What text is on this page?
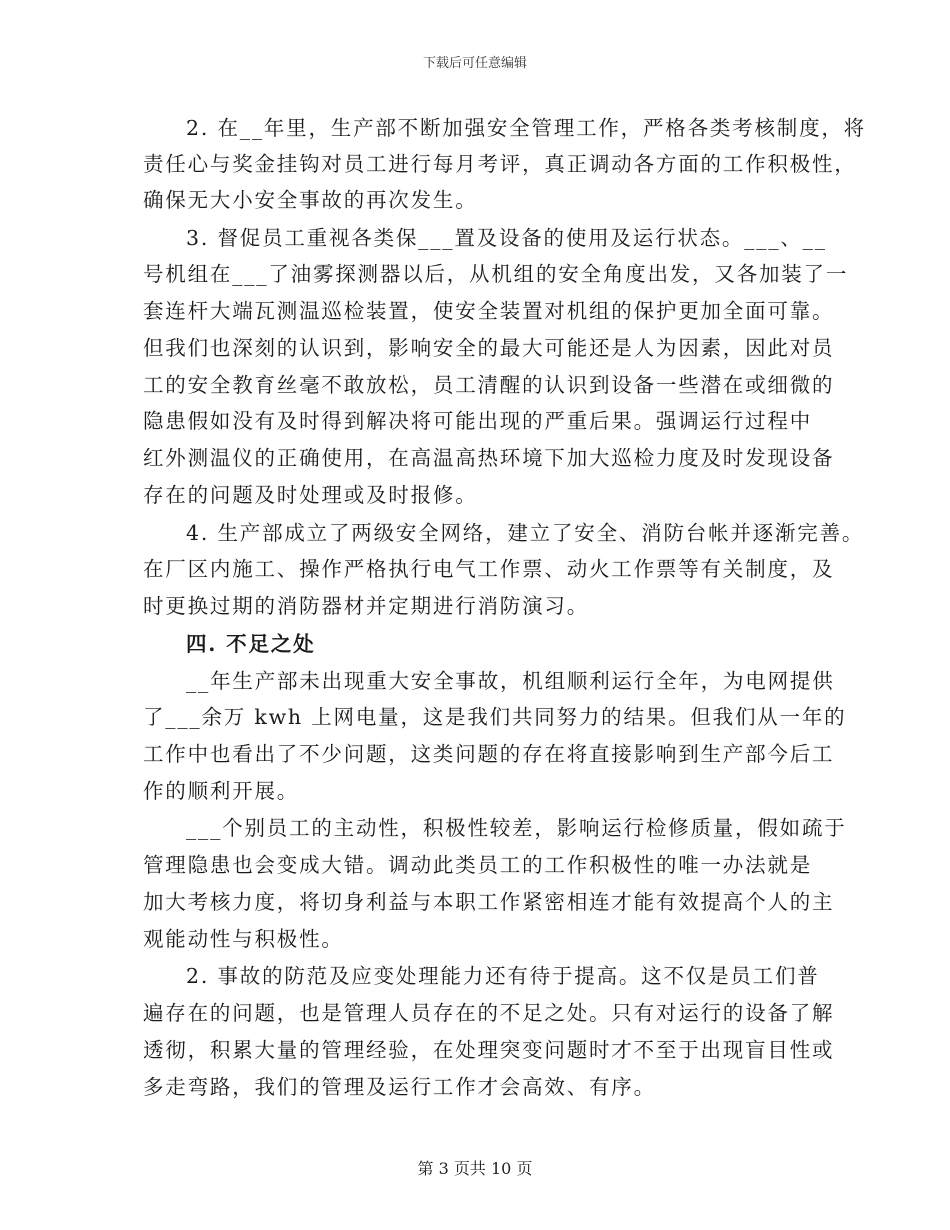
下载后可任意编辑
2. 在__年里，生产部不断加强安全管理工作，严格各类考核制度，将
责任心与奖金挂钩对员工进行每月考评，真正调动各方面的工作积极性，
确保无大小安全事故的再次发生。
3. 督促员工重视各类保___置及设备的使用及运行状态。___、__
号机组在___了油雾探测器以后，从机组的安全角度出发，又各加装了一
套连杆大端瓦测温巡检装置，使安全装置对机组的保护更加全面可靠。
但我们也深刻的认识到，影响安全的最大可能还是人为因素，因此对员
工的安全教育丝毫不敢放松，员工清醒的认识到设备一些潜在或细微的
隐患假如没有及时得到解决将可能出现的严重后果。强调运行过程中
红外测温仪的正确使用，在高温高热环境下加大巡检力度及时发现设备
存在的问题及时处理或及时报修。
4. 生产部成立了两级安全网络，建立了安全、消防台帐并逐渐完善。
在厂区内施工、操作严格执行电气工作票、动火工作票等有关制度，及
时更换过期的消防器材并定期进行消防演习。
四. 不足之处
__年生产部未出现重大安全事故，机组顺利运行全年，为电网提供
了___余万 kwh 上网电量，这是我们共同努力的结果。但我们从一年的
工作中也看出了不少问题，这类问题的存在将直接影响到生产部今后工
作的顺利开展。
___个别员工的主动性，积极性较差，影响运行检修质量，假如疏于
管理隐患也会变成大错。调动此类员工的工作积极性的唯一办法就是
加大考核力度，将切身利益与本职工作紧密相连才能有效提高个人的主
观能动性与积极性。
2. 事故的防范及应变处理能力还有待于提高。这不仅是员工们普
遍存在的问题，也是管理人员存在的不足之处。只有对运行的设备了解
透彻，积累大量的管理经验，在处理突变问题时才不至于出现盲目性或
多走弯路，我们的管理及运行工作才会高效、有序。
第 3 页共 10 页
